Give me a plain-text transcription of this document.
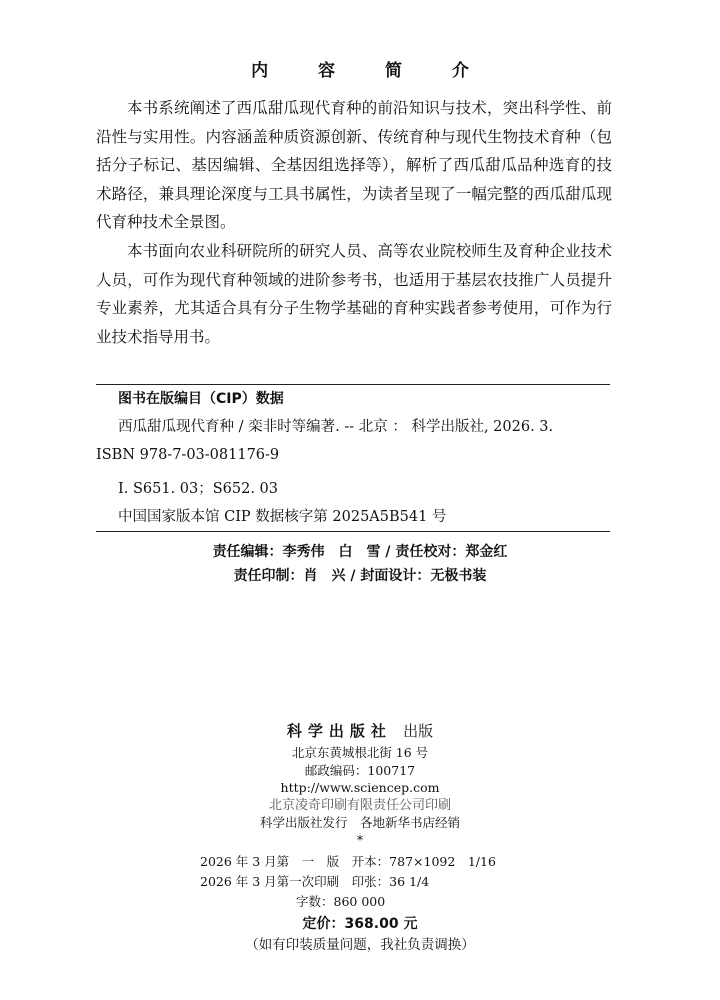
内 容 简 介

本书系统阐述了西瓜甜瓜现代育种的前沿知识与技术，突出科学性、前沿性与实用性。内容涵盖种质资源创新、传统育种与现代生物技术育种（包括分子标记、基因编辑、全基因组选择等），解析了西瓜甜瓜品种选育的技术路径，兼具理论深度与工具书属性，为读者呈现了一幅完整的西瓜甜瓜现代育种技术全景图。

本书面向农业科研院所的研究人员、高等农业院校师生及育种企业技术人员，可作为现代育种领域的进阶参考书，也适用于基层农技推广人员提升专业素养，尤其适合具有分子生物学基础的育种实践者参考使用，可作为行业技术指导用书。

图书在版编目（CIP）数据
西瓜甜瓜现代育种 / 栾非时等编著. -- 北京 ： 科学出版社, 2026. 3.
ISBN 978-7-03-081176-9
Ⅰ. S651. 03；S652. 03
中国国家版本馆 CIP 数据核字第 2025A5B541 号
责任编辑：李秀伟　白　雪 / 责任校对：郑金红
责任印制：肖　兴 / 封面设计：无极书装
科学出版社 出版
北京东黄城根北街 16 号
邮政编码：100717
http://www.sciencep.com
北京凌奇印刷有限责任公司印刷
科学出版社发行　各地新华书店经销
*
2026 年 3 月第　一　版　开本：787×1092　1/16
2026 年 3 月第一次印刷　印张：36 1/4
字数：860 000
定价：368.00 元
（如有印装质量问题，我社负责调换）
